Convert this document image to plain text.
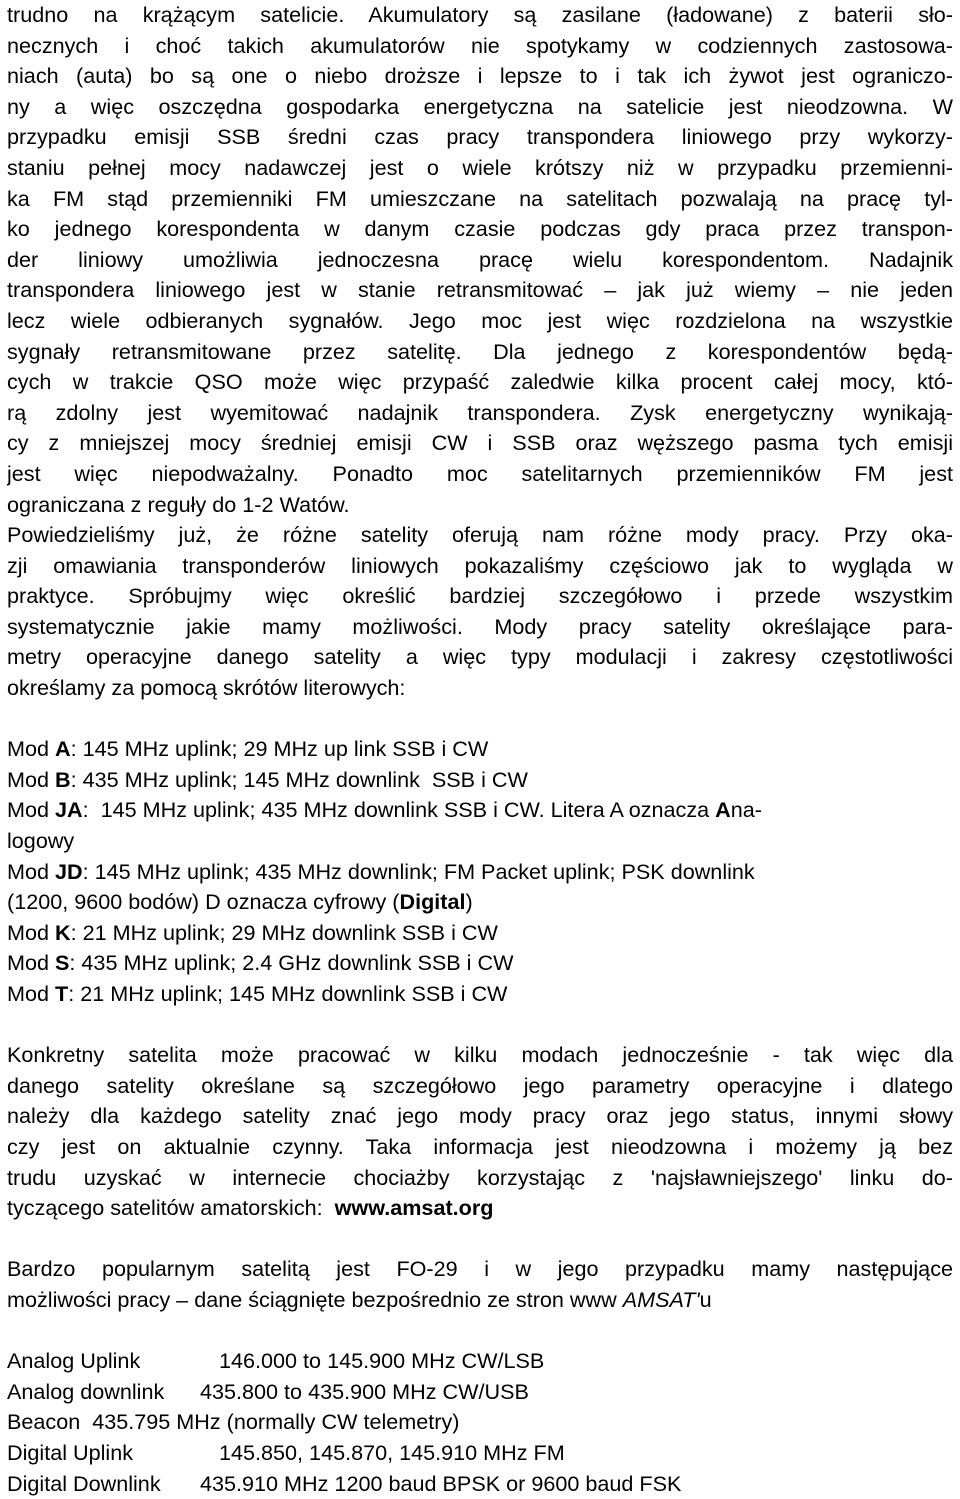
trudno na krążącym satelicie. Akumulatory są zasilane (ładowane) z baterii sło-
necznych i choć takich akumulatorów nie spotykamy w codziennych zastosowa-
niach (auta) bo są one o niebo droższe i lepsze to i tak ich żywot jest ograniczo-
ny a więc oszczędna gospodarka energetyczna na satelicie jest nieodzowna. W
przypadku emisji SSB średni czas pracy transpondera liniowego przy wykorzy-
staniu pełnej mocy nadawczej jest o wiele krótszy niż w przypadku przemienni-
ka FM stąd przemienniki FM umieszczane na satelitach pozwalają na pracę tyl-
ko jednego korespondenta w danym czasie podczas gdy praca przez transpon-
der liniowy umożliwia jednoczesna pracę wielu korespondentom. Nadajnik
transpondera liniowego jest w stanie retransmitować – jak już wiemy – nie jeden
lecz wiele odbieranych sygnałów. Jego moc jest więc rozdzielona na wszystkie
sygnały retransmitowane przez satelitę. Dla jednego z korespondentów będą-
cych w trakcie QSO może więc przypaść zaledwie kilka procent całej mocy, któ-
rą zdolny jest wyemitować nadajnik transpondera. Zysk energetyczny wynikają-
cy z mniejszej mocy średniej emisji CW i SSB oraz węższego pasma tych emisji
jest więc niepodważalny. Ponadto moc satelitarnych przemienników FM jest
ograniczana z reguły do 1-2 Watów.
Powiedzieliśmy już, że różne satelity oferują nam różne mody pracy. Przy oka-
zji omawiania transponderów liniowych pokazaliśmy częściowo jak to wygląda w
praktyce. Spróbujmy więc określić bardziej szczegółowo i przede wszystkim
systematycznie jakie mamy możliwości. Mody pracy satelity określające para-
metry operacyjne danego satelity a więc typy modulacji i zakresy częstotliwości
określamy za pomocą skrótów literowych:
Mod A: 145 MHz uplink; 29 MHz up link SSB i CW
Mod B: 435 MHz uplink; 145 MHz downlink  SSB i CW
Mod JA:  145 MHz uplink; 435 MHz downlink SSB i CW. Litera A oznacza Ana-
logowy
Mod JD: 145 MHz uplink; 435 MHz downlink; FM Packet uplink; PSK downlink
(1200, 9600 bodów) D oznacza cyfrowy (Digital)
Mod K: 21 MHz uplink; 29 MHz downlink SSB i CW
Mod S: 435 MHz uplink; 2.4 GHz downlink SSB i CW
Mod T: 21 MHz uplink; 145 MHz downlink SSB i CW
Konkretny satelita może pracować w kilku modach jednocześnie - tak więc dla
danego satelity określane są szczegółowo jego parametry operacyjne i dlatego
należy dla każdego satelity znać jego mody pracy oraz jego status, innymi słowy
czy jest on aktualnie czynny. Taka informacja jest nieodzowna i możemy ją bez
trudu uzyskać w internecie chociażby korzystając z 'najsławniejszego' linku do-
tyczącego satelitów amatorskich:  www.amsat.org
Bardzo popularnym satelitą jest FO-29 i w jego przypadku mamy następujące
możliwości pracy – dane ściągnięte bezpośrednio ze stron www AMSAT'u
Analog Uplink	146.000 to 145.900 MHz CW/LSB
Analog downlink 435.800 to 435.900 MHz CW/USB
Beacon 435.795 MHz (normally CW telemetry)
Digital Uplink	145.850, 145.870, 145.910 MHz FM
Digital Downlink 435.910 MHz 1200 baud BPSK or 9600 baud FSK
